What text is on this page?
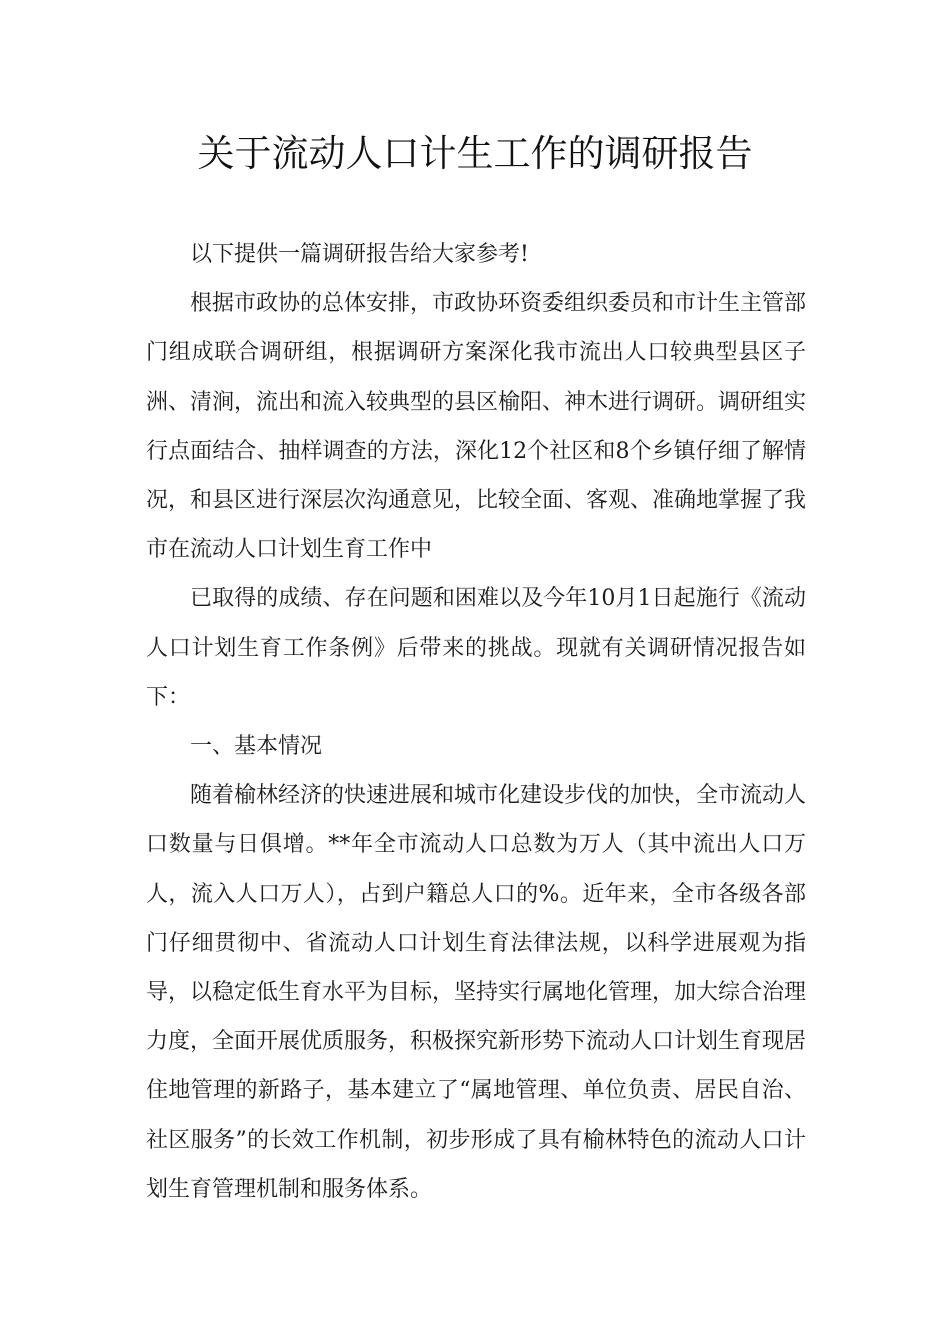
关于流动人口计生工作的调研报告

以下提供一篇调研报告给大家参考!

根据市政协的总体安排，市政协环资委组织委员和市计生主管部门组成联合调研组，根据调研方案深化我市流出人口较典型县区子洲、清涧，流出和流入较典型的县区榆阳、神木进行调研。调研组实行点面结合、抽样调查的方法，深化12个社区和8个乡镇仔细了解情况，和县区进行深层次沟通意见，比较全面、客观、准确地掌握了我市在流动人口计划生育工作中

已取得的成绩、存在问题和困难以及今年10月1日起施行《流动人口计划生育工作条例》后带来的挑战。现就有关调研情况报告如下：

一、基本情况

随着榆林经济的快速进展和城市化建设步伐的加快，全市流动人口数量与日俱增。**年全市流动人口总数为万人（其中流出人口万人，流入人口万人），占到户籍总人口的%。近年来，全市各级各部门仔细贯彻中、省流动人口计划生育法律法规，以科学进展观为指导，以稳定低生育水平为目标，坚持实行属地化管理，加大综合治理力度，全面开展优质服务，积极探究新形势下流动人口计划生育现居住地管理的新路子，基本建立了“属地管理、单位负责、居民自治、社区服务”的长效工作机制，初步形成了具有榆林特色的流动人口计划生育管理机制和服务体系。
